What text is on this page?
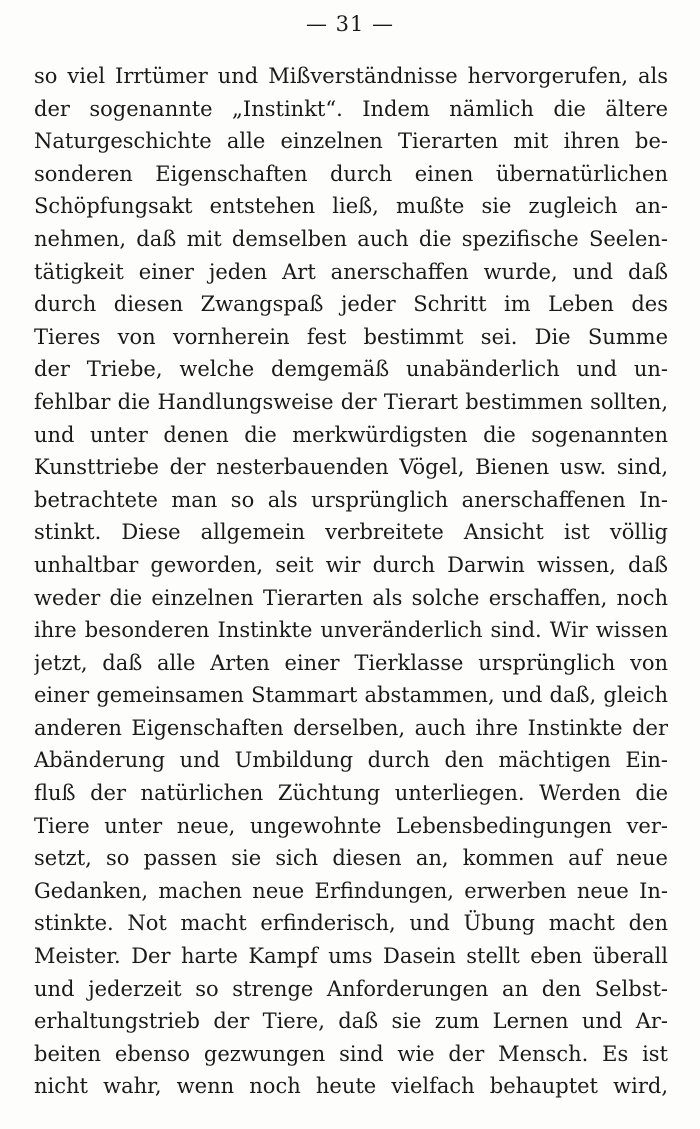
— 31 —
so viel Irrtümer und Mißverständnisse hervorgerufen, als
der sogenannte „Instinkt“. Indem nämlich die ältere
Naturgeschichte alle einzelnen Tierarten mit ihren be-
sonderen Eigenschaften durch einen übernatürlichen
Schöpfungsakt entstehen ließ, mußte sie zugleich an-
nehmen, daß mit demselben auch die spezifische Seelen-
tätigkeit einer jeden Art anerschaffen wurde, und daß
durch diesen Zwangspaß jeder Schritt im Leben des
Tieres von vornherein fest bestimmt sei. Die Summe
der Triebe, welche demgemäß unabänderlich und un-
fehlbar die Handlungsweise der Tierart bestimmen sollten,
und unter denen die merkwürdigsten die sogenannten
Kunsttriebe der nesterbauenden Vögel, Bienen usw. sind,
betrachtete man so als ursprünglich anerschaffenen In-
stinkt. Diese allgemein verbreitete Ansicht ist völlig
unhaltbar geworden, seit wir durch Darwin wissen, daß
weder die einzelnen Tierarten als solche erschaffen, noch
ihre besonderen Instinkte unveränderlich sind. Wir wissen
jetzt, daß alle Arten einer Tierklasse ursprünglich von
einer gemeinsamen Stammart abstammen, und daß, gleich
anderen Eigenschaften derselben, auch ihre Instinkte der
Abänderung und Umbildung durch den mächtigen Ein-
fluß der natürlichen Züchtung unterliegen. Werden die
Tiere unter neue, ungewohnte Lebensbedingungen ver-
setzt, so passen sie sich diesen an, kommen auf neue
Gedanken, machen neue Erfindungen, erwerben neue In-
stinkte. Not macht erfinderisch, und Übung macht den
Meister. Der harte Kampf ums Dasein stellt eben überall
und jederzeit so strenge Anforderungen an den Selbst-
erhaltungstrieb der Tiere, daß sie zum Lernen und Ar-
beiten ebenso gezwungen sind wie der Mensch. Es ist
nicht wahr, wenn noch heute vielfach behauptet wird,
